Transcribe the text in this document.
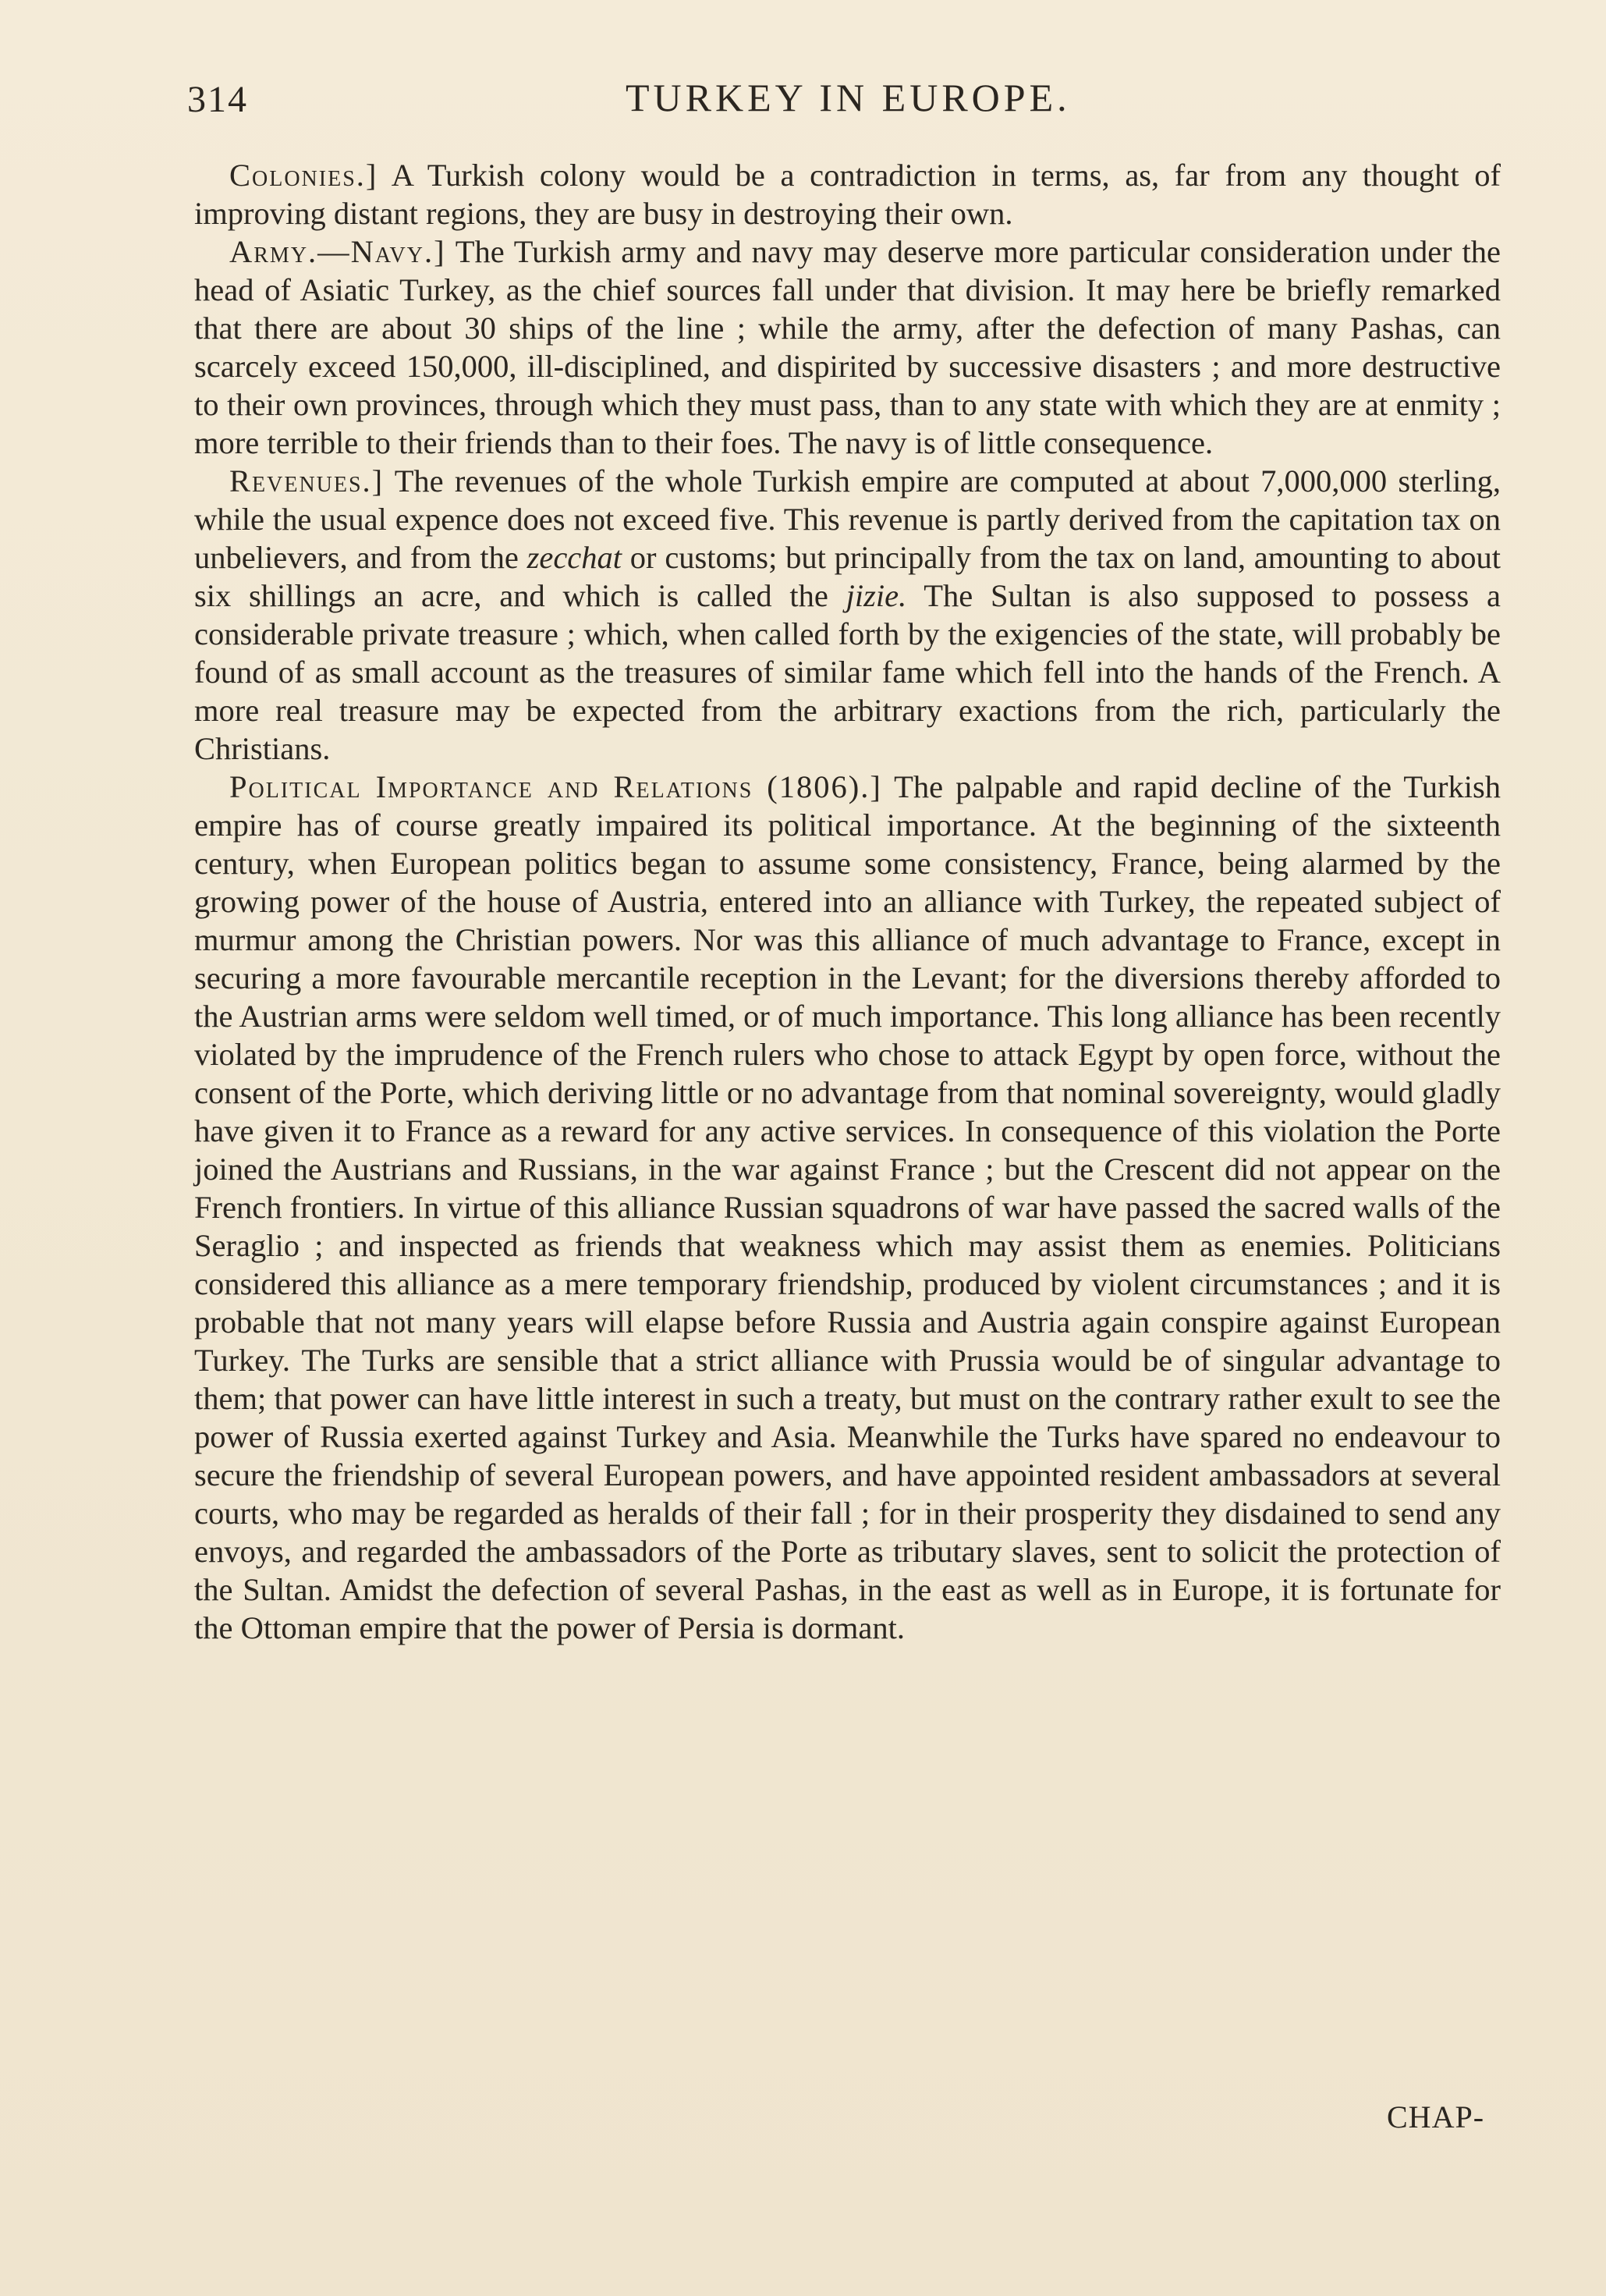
314	TURKEY IN EUROPE.

Colonies.] A Turkish colony would be a contradiction in terms, as, far from any thought of improving distant regions, they are busy in destroying their own.

Army.—Navy.] The Turkish army and navy may deserve more particular consideration under the head of Asiatic Turkey, as the chief sources fall under that division. It may here be briefly remarked that there are about 30 ships of the line ; while the army, after the defection of many Pashas, can scarcely exceed 150,000, ill-disciplined, and dispirited by successive disasters ; and more destructive to their own provinces, through which they must pass, than to any state with which they are at enmity ; more terrible to their friends than to their foes. The navy is of little consequence.

Revenues.] The revenues of the whole Turkish empire are computed at about 7,000,000 sterling, while the usual expence does not exceed five. This revenue is partly derived from the capitation tax on unbelievers, and from the zecchat or customs; but principally from the tax on land, amounting to about six shillings an acre, and which is called the jizie. The Sultan is also supposed to possess a considerable private treasure ; which, when called forth by the exigencies of the state, will probably be found of as small account as the treasures of similar fame which fell into the hands of the French. A more real treasure may be expected from the arbitrary exactions from the rich, particularly the Christians.

Political Importance and Relations (1806).] The palpable and rapid decline of the Turkish empire has of course greatly impaired its political importance. At the beginning of the sixteenth century, when European politics began to assume some consistency, France, being alarmed by the growing power of the house of Austria, entered into an alliance with Turkey, the repeated subject of murmur among the Christian powers. Nor was this alliance of much advantage to France, except in securing a more favourable mercantile reception in the Levant; for the diversions thereby afforded to the Austrian arms were seldom well timed, or of much importance. This long alliance has been recently violated by the imprudence of the French rulers who chose to attack Egypt by open force, without the consent of the Porte, which deriving little or no advantage from that nominal sovereignty, would gladly have given it to France as a reward for any active services. In consequence of this violation the Porte joined the Austrians and Russians, in the war against France ; but the Crescent did not appear on the French frontiers. In virtue of this alliance Russian squadrons of war have passed the sacred walls of the Seraglio ; and inspected as friends that weakness which may assist them as enemies. Politicians considered this alliance as a mere temporary friendship, produced by violent circumstances ; and it is probable that not many years will elapse before Russia and Austria again conspire against European Turkey. The Turks are sensible that a strict alliance with Prussia would be of singular advantage to them; that power can have little interest in such a treaty, but must on the contrary rather exult to see the power of Russia exerted against Turkey and Asia. Meanwhile the Turks have spared no endeavour to secure the friendship of several European powers, and have appointed resident ambassadors at several courts, who may be regarded as heralds of their fall ; for in their prosperity they disdained to send any envoys, and regarded the ambassadors of the Porte as tributary slaves, sent to solicit the protection of the Sultan. Amidst the defection of several Pashas, in the east as well as in Europe, it is fortunate for the Ottoman empire that the power of Persia is dormant.

CHAP-
